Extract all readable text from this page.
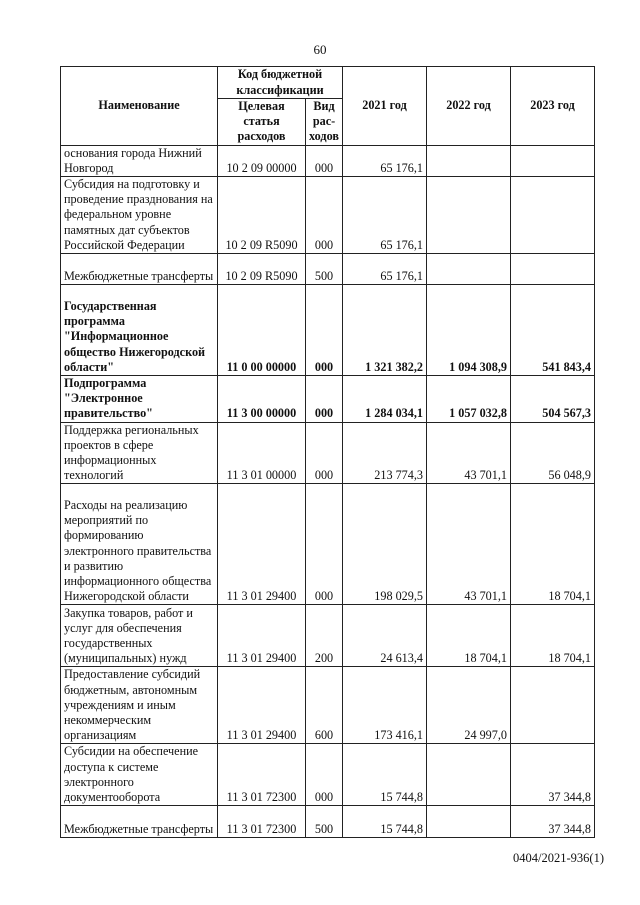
60
Наименование	Код бюджетной классификации		2021 год	2022 год	2023 год
	Целевая статья расходов	Вид рас-ходов			
основания города Нижний Новгород	10 2 09 00000	000	65 176,1		
Субсидия на подготовку и проведение празднования на федеральном уровне памятных дат субъектов Российской Федерации	10 2 09 R5090	000	65 176,1		
Межбюджетные трансферты	10 2 09 R5090	500	65 176,1		
Государственная программа "Информационное общество Нижегородской области"	11 0 00 00000	000	1 321 382,2	1 094 308,9	541 843,4
Подпрограмма "Электронное правительство"	11 3 00 00000	000	1 284 034,1	1 057 032,8	504 567,3
Поддержка региональных проектов в сфере информационных технологий	11 3 01 00000	000	213 774,3	43 701,1	56 048,9
Расходы на реализацию мероприятий по формированию электронного правительства и развитию информационного общества Нижегородской области	11 3 01 29400	000	198 029,5	43 701,1	18 704,1
Закупка товаров, работ и услуг для обеспечения государственных (муниципальных) нужд	11 3 01 29400	200	24 613,4	18 704,1	18 704,1
Предоставление субсидий бюджетным, автономным учреждениям и иным некоммерческим организациям	11 3 01 29400	600	173 416,1	24 997,0	
Субсидии на обеспечение доступа к системе электронного документооборота	11 3 01 72300	000	15 744,8		37 344,8
Межбюджетные трансферты	11 3 01 72300	500	15 744,8		37 344,8
0404/2021-936(1)
